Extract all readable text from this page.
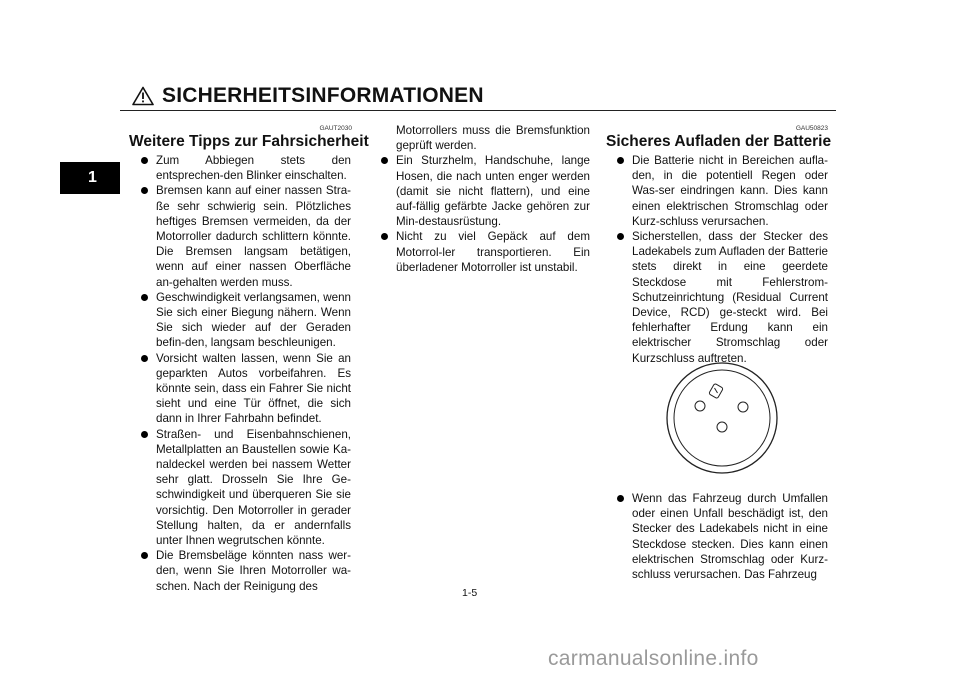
1
SICHERHEITSINFORMATIONEN
GAUT2030
Weitere Tipps zur Fahrsicherheit
Zum Abbiegen stets den entsprechen-den Blinker einschalten.
Bremsen kann auf einer nassen Stra-ße sehr schwierig sein. Plötzliches heftiges Bremsen vermeiden, da der Motorroller dadurch schlittern könnte. Die Bremsen langsam betätigen, wenn auf einer nassen Oberfläche an-gehalten werden muss.
Geschwindigkeit verlangsamen, wenn Sie sich einer Biegung nähern. Wenn Sie sich wieder auf der Geraden befin-den, langsam beschleunigen.
Vorsicht walten lassen, wenn Sie an geparkten Autos vorbeifahren. Es könnte sein, dass ein Fahrer Sie nicht sieht und eine Tür öffnet, die sich dann in Ihrer Fahrbahn befindet.
Straßen- und Eisenbahnschienen, Metallplatten an Baustellen sowie Ka-naldeckel werden bei nassem Wetter sehr glatt. Drosseln Sie Ihre Ge-schwindigkeit und überqueren Sie sie vorsichtig. Den Motorroller in gerader Stellung halten, da er andernfalls unter Ihnen wegrutschen könnte.
Die Bremsbeläge könnten nass wer-den, wenn Sie Ihren Motorroller wa-schen. Nach der Reinigung des

Motorrollers muss die Bremsfunktion geprüft werden.

Ein Sturzhelm, Handschuhe, lange Hosen, die nach unten enger werden (damit sie nicht flattern), und eine auf-fällig gefärbte Jacke gehören zur Min-destausrüstung.
Nicht zu viel Gepäck auf dem Motorrol-ler transportieren. Ein überladener Motorroller ist unstabil.
GAU50823
Sicheres Aufladen der Batterie
Die Batterie nicht in Bereichen aufla-den, in die potentiell Regen oder Was-ser eindringen kann. Dies kann einen elektrischen Stromschlag oder Kurz-schluss verursachen.
Sicherstellen, dass der Stecker des Ladekabels zum Aufladen der Batterie stets direkt in eine geerdete Steckdose mit Fehlerstrom-Schutzeinrichtung (Residual Current Device, RCD) ge-steckt wird. Bei fehlerhafter Erdung kann ein elektrischer Stromschlag oder Kurzschluss auftreten.
Wenn das Fahrzeug durch Umfallen oder einen Unfall beschädigt ist, den Stecker des Ladekabels nicht in eine Steckdose stecken. Dies kann einen elektrischen Stromschlag oder Kurz-schluss verursachen. Das Fahrzeug
1-5
carmanualsonline.info
